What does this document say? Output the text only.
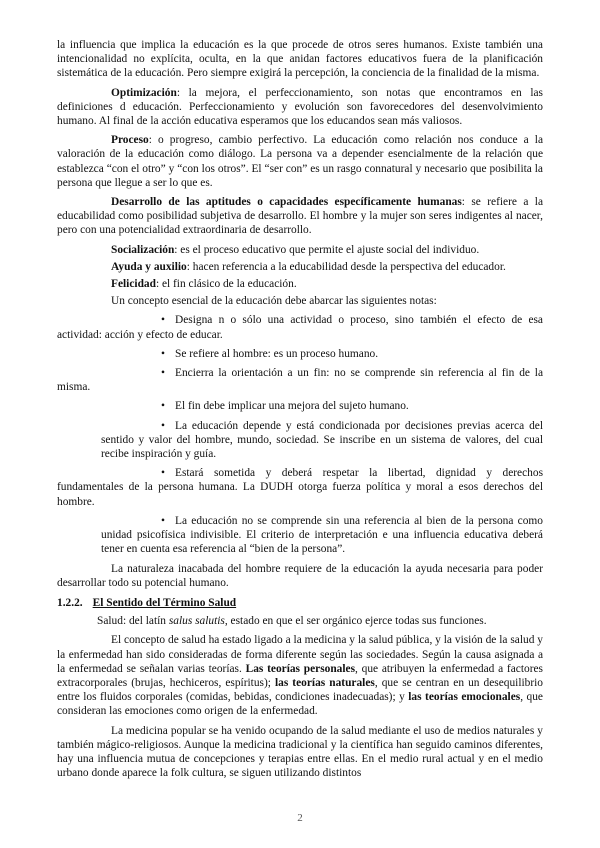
la influencia que implica la educación es la que procede de otros seres humanos. Existe también una intencionalidad no explícita, oculta, en la que anidan factores educativos fuera de la planificación sistemática de la educación. Pero siempre exigirá la percepción, la conciencia de la finalidad de la misma.

Optimización: la mejora, el perfeccionamiento, son notas que encontramos en las definiciones d educación. Perfeccionamiento y evolución son favorecedores del desenvolvimiento humano. Al final de la acción educativa esperamos que los educandos sean más valiosos.

Proceso: o progreso, cambio perfectivo. La educación como relación nos conduce a la valoración de la educación como diálogo. La persona va a depender esencialmente de la relación que establezca “con el otro” y “con los otros”. El “ser con” es un rasgo connatural y necesario que posibilita la persona que llegue a ser lo que es.

Desarrollo de las aptitudes o capacidades específicamente humanas: se refiere a la educabilidad como posibilidad subjetiva de desarrollo. El hombre y la mujer son seres indigentes al nacer, pero con una potencialidad extraordinaria de desarrollo.

Socialización: es el proceso educativo que permite el ajuste social del individuo.

Ayuda y auxilio: hacen referencia a la educabilidad desde la perspectiva del educador.

Felicidad: el fin clásico de la educación.

Un concepto esencial de la educación debe abarcar las siguientes notas:

• Designa n o sólo una actividad o proceso, sino también el efecto de esa actividad: acción y efecto de educar.
• Se refiere al hombre: es un proceso humano.
• Encierra la orientación a un fin: no se comprende sin referencia al fin de la misma.
• El fin debe implicar una mejora del sujeto humano.
• La educación depende y está condicionada por decisiones previas acerca del sentido y valor del hombre, mundo, sociedad. Se inscribe en un sistema de valores, del cual recibe inspiración y guía.
• Estará sometida y deberá respetar la libertad, dignidad y derechos fundamentales de la persona humana. La DUDH otorga fuerza política y moral a esos derechos del hombre.
• La educación no se comprende sin una referencia al bien de la persona como unidad psicofísica indivisible. El criterio de interpretación e una influencia educativa deberá tener en cuenta esa referencia al “bien de la persona”.

La naturaleza inacabada del hombre requiere de la educación la ayuda necesaria para poder desarrollar todo su potencial humano.

1.2.2. El Sentido del Término Salud

Salud: del latín salus salutis, estado en que el ser orgánico ejerce todas sus funciones.

El concepto de salud ha estado ligado a la medicina y la salud pública, y la visión de la salud y la enfermedad han sido consideradas de forma diferente según las sociedades. Según la causa asignada a la enfermedad se señalan varias teorías. Las teorías personales, que atribuyen la enfermedad a factores extracorporales (brujas, hechiceros, espíritus); las teorías naturales, que se centran en un desequilibrio entre los fluidos corporales (comidas, bebidas, condiciones inadecuadas); y las teorías emocionales, que consideran las emociones como origen de la enfermedad.

La medicina popular se ha venido ocupando de la salud mediante el uso de medios naturales y también mágico-religiosos. Aunque la medicina tradicional y la científica han seguido caminos diferentes, hay una influencia mutua de concepciones y terapias entre ellas. En el medio rural actual y en el medio urbano donde aparece la folk cultura, se siguen utilizando distintos

2
